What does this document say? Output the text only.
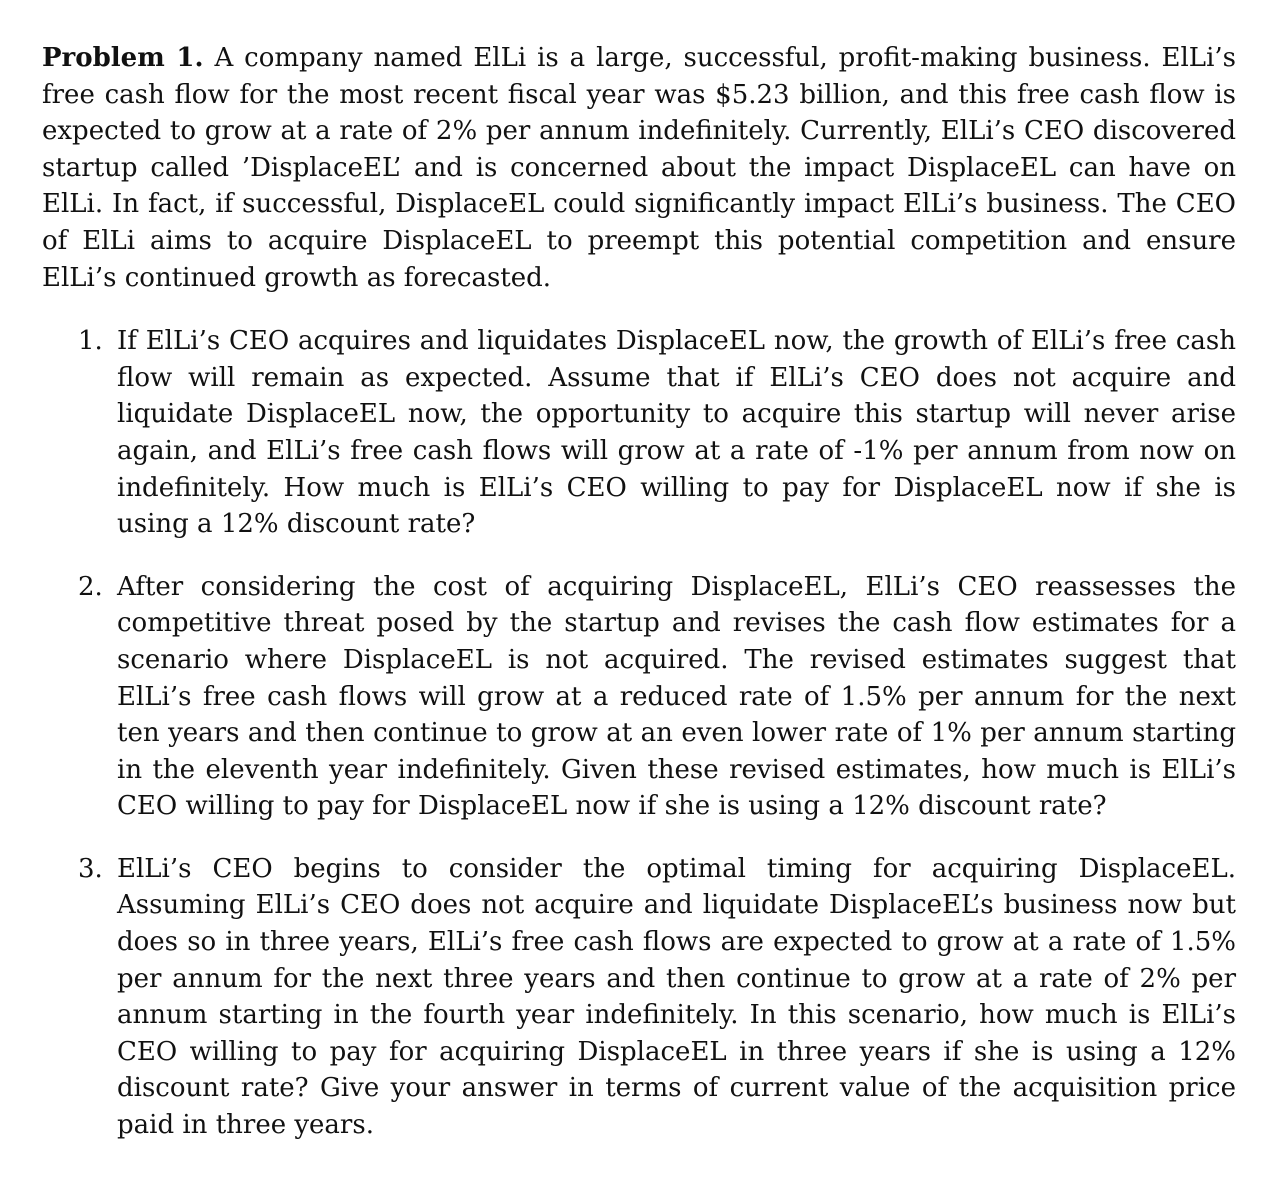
Problem 1. A company named ElLi is a large, successful, profit-making business. ElLi’s free cash flow for the most recent fiscal year was $5.23 billion, and this free cash flow is expected to grow at a rate of 2% per annum indefinitely. Currently, ElLi’s CEO discovered startup called ’DisplaceEL’ and is concerned about the impact DisplaceEL can have on ElLi. In fact, if successful, DisplaceEL could significantly impact ElLi’s business. The CEO of ElLi aims to acquire DisplaceEL to preempt this potential competition and ensure ElLi’s continued growth as forecasted.

1. If ElLi’s CEO acquires and liquidates DisplaceEL now, the growth of ElLi’s free cash flow will remain as expected. Assume that if ElLi’s CEO does not acquire and liquidate DisplaceEL now, the opportunity to acquire this startup will never arise again, and ElLi’s free cash flows will grow at a rate of -1% per annum from now on indefinitely. How much is ElLi’s CEO willing to pay for DisplaceEL now if she is using a 12% discount rate?
2. After considering the cost of acquiring DisplaceEL, ElLi’s CEO reassesses the competitive threat posed by the startup and revises the cash flow estimates for a scenario where DisplaceEL is not acquired. The revised estimates suggest that ElLi’s free cash flows will grow at a reduced rate of 1.5% per annum for the next ten years and then continue to grow at an even lower rate of 1% per annum starting in the eleventh year indefinitely. Given these revised estimates, how much is ElLi’s CEO willing to pay for DisplaceEL now if she is using a 12% discount rate?
3. ElLi’s CEO begins to consider the optimal timing for acquiring DisplaceEL. Assuming ElLi’s CEO does not acquire and liquidate DisplaceEL’s business now but does so in three years, ElLi’s free cash flows are expected to grow at a rate of 1.5% per annum for the next three years and then continue to grow at a rate of 2% per annum starting in the fourth year indefinitely. In this scenario, how much is ElLi’s CEO willing to pay for acquiring DisplaceEL in three years if she is using a 12% discount rate? Give your answer in terms of current value of the acquisition price paid in three years.
